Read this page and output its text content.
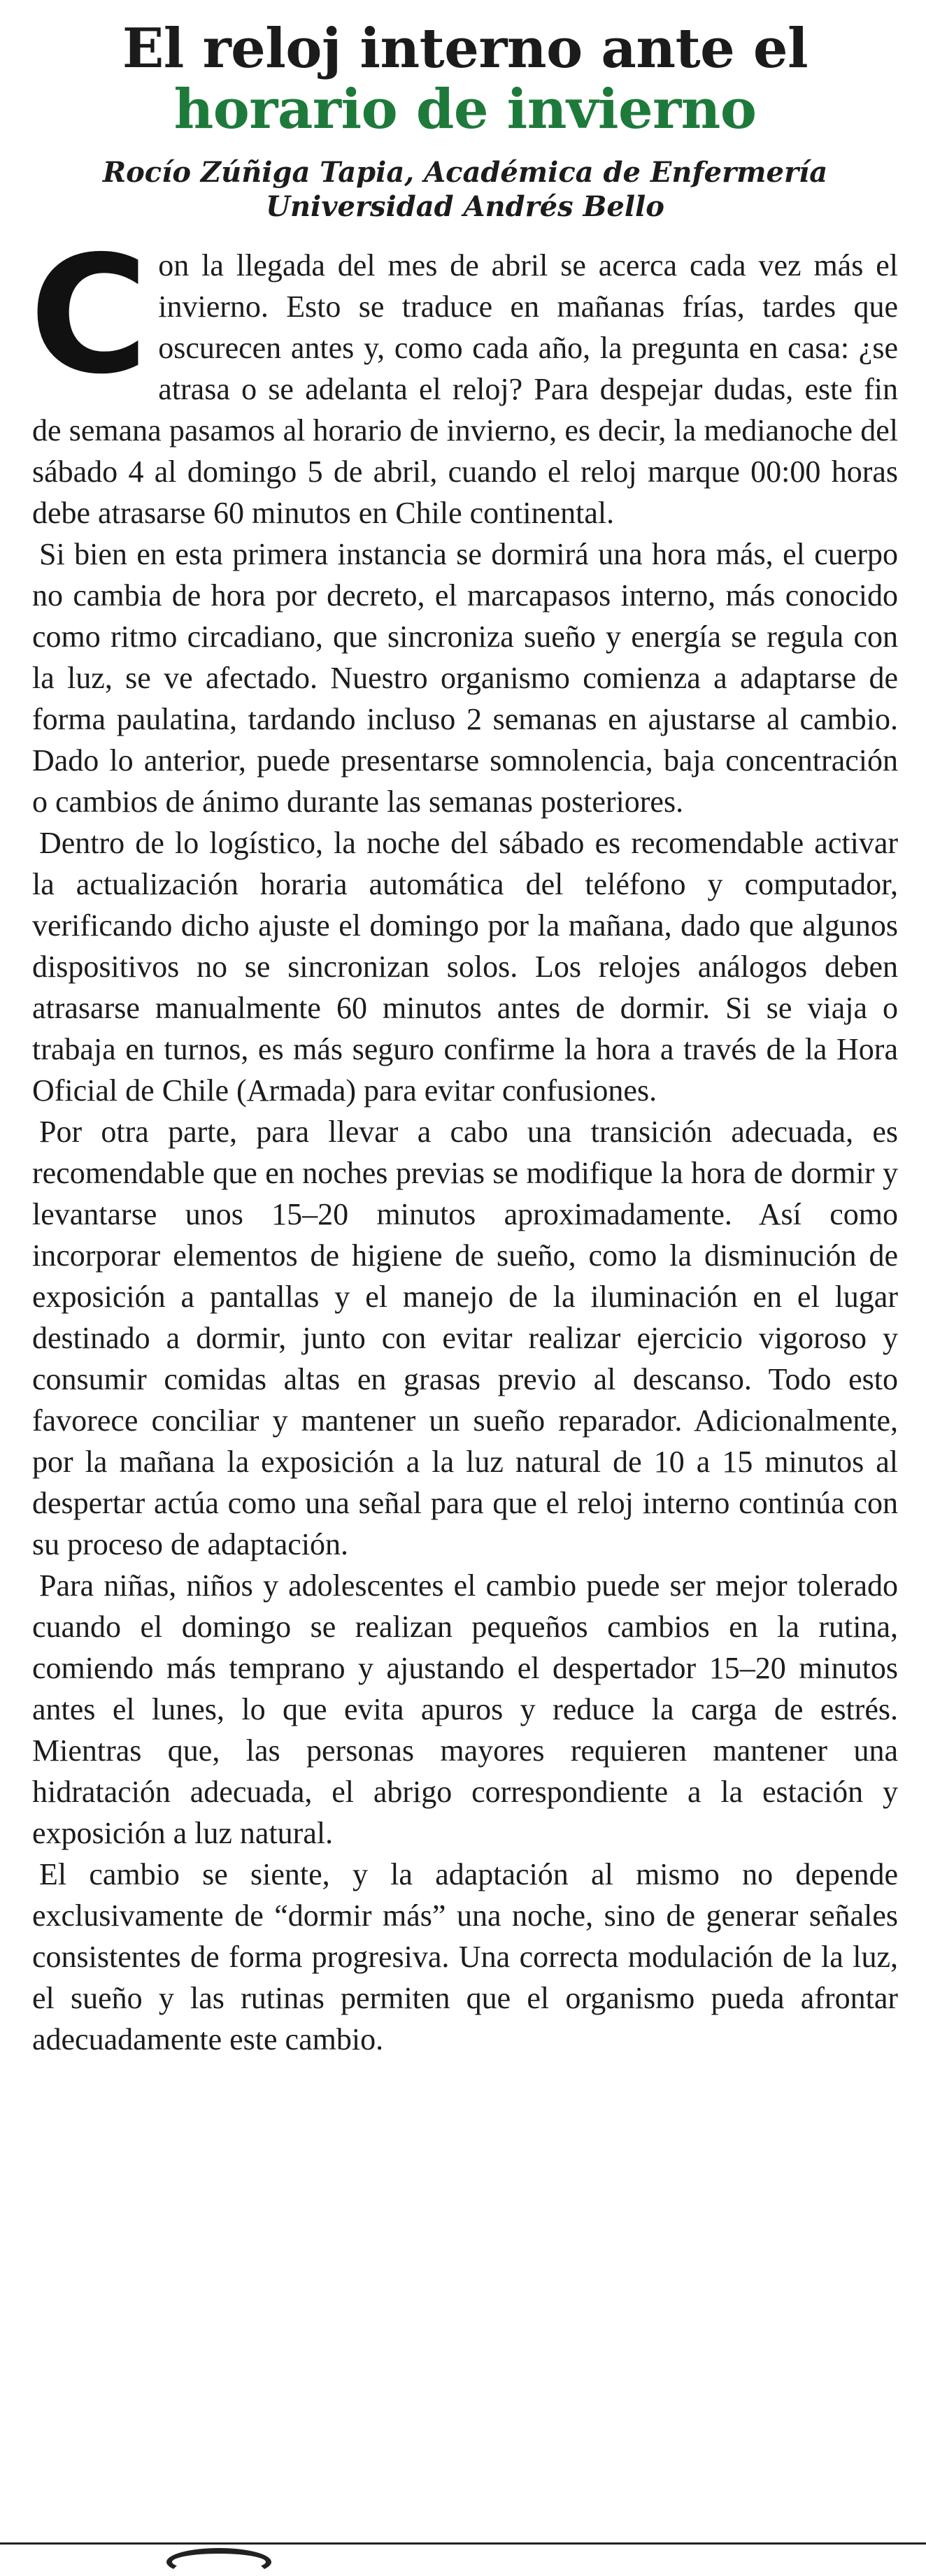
El reloj interno ante el
horario de invierno
Rocío Zúñiga Tapia, Académica de Enfermería
Universidad Andrés Bello

Con la llegada del mes de abril se acerca cada vez más el invierno. Esto se traduce en mañanas frías, tardes que oscurecen antes y, como cada año, la pregunta en casa: ¿se atrasa o se adelanta el reloj? Para despejar dudas, este fin de semana pasamos al horario de invierno, es decir, la medianoche del sábado 4 al domingo 5 de abril, cuando el reloj marque 00:00 horas debe atrasarse 60 minutos en Chile continental.

Si bien en esta primera instancia se dormirá una hora más, el cuerpo no cambia de hora por decreto, el marcapasos interno, más conocido como ritmo circadiano, que sincroniza sueño y energía se regula con la luz, se ve afectado. Nuestro organismo comienza a adaptarse de forma paulatina, tardando incluso 2 semanas en ajustarse al cambio. Dado lo anterior, puede presentarse somnolencia, baja concentración o cambios de ánimo durante las semanas posteriores.

Dentro de lo logístico, la noche del sábado es recomendable activar la actualización horaria automática del teléfono y computador, verificando dicho ajuste el domingo por la mañana, dado que algunos dispositivos no se sincronizan solos. Los relojes análogos deben atrasarse manualmente 60 minutos antes de dormir. Si se viaja o trabaja en turnos, es más seguro confirme la hora a través de la Hora Oficial de Chile (Armada) para evitar confusiones.

Por otra parte, para llevar a cabo una transición adecuada, es recomendable que en noches previas se modifique la hora de dormir y levantarse unos 15–20 minutos aproximadamente. Así como incorporar elementos de higiene de sueño, como la disminución de exposición a pantallas y el manejo de la iluminación en el lugar destinado a dormir, junto con evitar realizar ejercicio vigoroso y consumir comidas altas en grasas previo al descanso. Todo esto favorece conciliar y mantener un sueño reparador. Adicionalmente, por la mañana la exposición a la luz natural de 10 a 15 minutos al despertar actúa como una señal para que el reloj interno continúa con su proceso de adaptación.

Para niñas, niños y adolescentes el cambio puede ser mejor tolerado cuando el domingo se realizan pequeños cambios en la rutina, comiendo más temprano y ajustando el despertador 15–20 minutos antes el lunes, lo que evita apuros y reduce la carga de estrés. Mientras que, las personas mayores requieren mantener una hidratación adecuada, el abrigo correspondiente a la estación y exposición a luz natural.

El cambio se siente, y la adaptación al mismo no depende exclusivamente de “dormir más” una noche, sino de generar señales consistentes de forma progresiva. Una correcta modulación de la luz, el sueño y las rutinas permiten que el organismo pueda afrontar adecuadamente este cambio.
